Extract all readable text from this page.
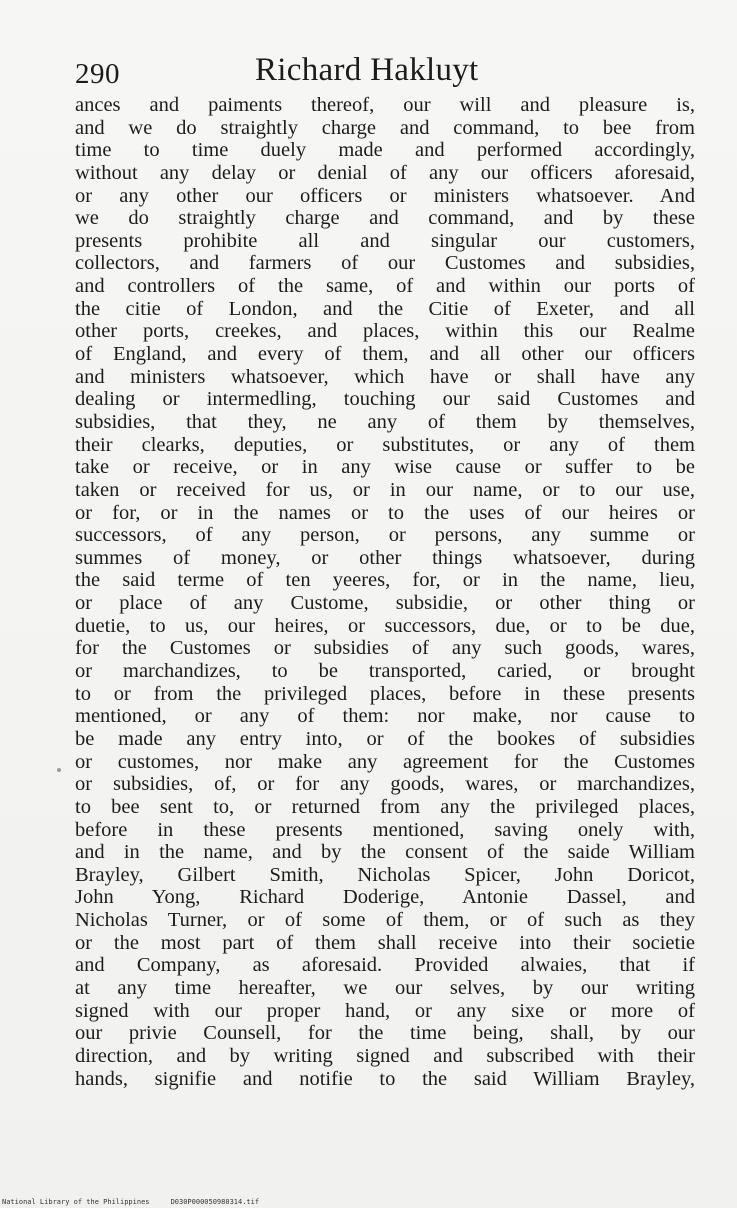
290	Richard Hakluyt
ances and paiments thereof, our will and pleasure is,
and we do straightly charge and command, to bee from
time to time duely made and performed accordingly,
without any delay or denial of any our officers aforesaid,
or any other our officers or ministers whatsoever. And
we do straightly charge and command, and by these
presents prohibite all and singular our customers,
collectors, and farmers of our Customes and subsidies,
and controllers of the same, of and within our ports of
the citie of London, and the Citie of Exeter, and all
other ports, creekes, and places, within this our Realme
of England, and every of them, and all other our officers
and ministers whatsoever, which have or shall have any
dealing or intermedling, touching our said Customes and
subsidies, that they, ne any of them by themselves,
their clearks, deputies, or substitutes, or any of them
take or receive, or in any wise cause or suffer to be
taken or received for us, or in our name, or to our use,
or for, or in the names or to the uses of our heires or
successors, of any person, or persons, any summe or
summes of money, or other things whatsoever, during
the said terme of ten yeeres, for, or in the name, lieu,
or place of any Custome, subsidie, or other thing or
duetie, to us, our heires, or successors, due, or to be due,
for the Customes or subsidies of any such goods, wares,
or marchandizes, to be transported, caried, or brought
to or from the privileged places, before in these presents
mentioned, or any of them: nor make, nor cause to
be made any entry into, or of the bookes of subsidies
or customes, nor make any agreement for the Customes
or subsidies, of, or for any goods, wares, or marchandizes,
to bee sent to, or returned from any the privileged places,
before in these presents mentioned, saving onely with,
and in the name, and by the consent of the saide William
Brayley, Gilbert Smith, Nicholas Spicer, John Doricot,
John Yong, Richard Doderige, Antonie Dassel, and
Nicholas Turner, or of some of them, or of such as they
or the most part of them shall receive into their societie
and Company, as aforesaid. Provided alwaies, that if
at any time hereafter, we our selves, by our writing
signed with our proper hand, or any sixe or more of
our privie Counsell, for the time being, shall, by our
direction, and by writing signed and subscribed with their
hands, signifie and notifie to the said William Brayley,
National Library of the Philippines     D030P000050980314.tif
